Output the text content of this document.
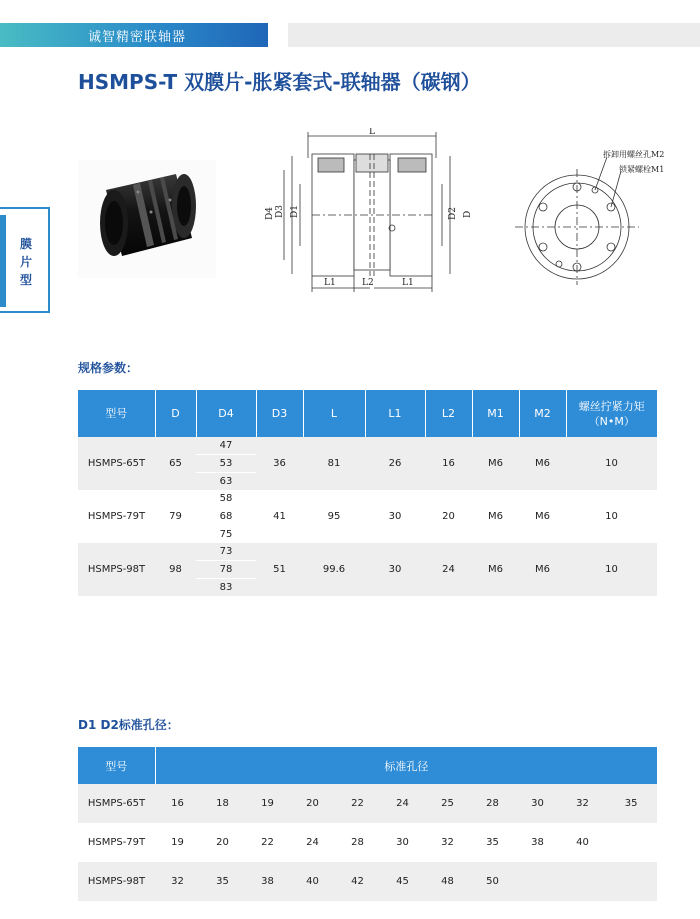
诚智精密联轴器
HSMPS-T 双膜片-胀紧套式-联轴器（碳钢）
膜
片
型
L
D4 D3 D1	D2 D
L1	L2	L1
拆卸用螺丝孔M2
锁紧螺栓M1
规格参数：
型号	D	D4	D3	L	L1	L2	M1	M2	螺丝拧紧力矩
（N•M）

HSMPS-65T	65	47
53
63	36	81	26	16	M6	M6	10
HSMPS-79T	79	58
68
75	41	95	30	20	M6	M6	10
HSMPS-98T	98	73
78
83	51	99.6	30	24	M6	M6	10
D1 D2标准孔径：
型号	标准孔径										
HSMPS-65T	16	18	19	20	22	24	25	28	30	32	35
HSMPS-79T	19	20	22	24	28	30	32	35	38	40	
HSMPS-98T	32	35	38	40	42	45	48	50			
